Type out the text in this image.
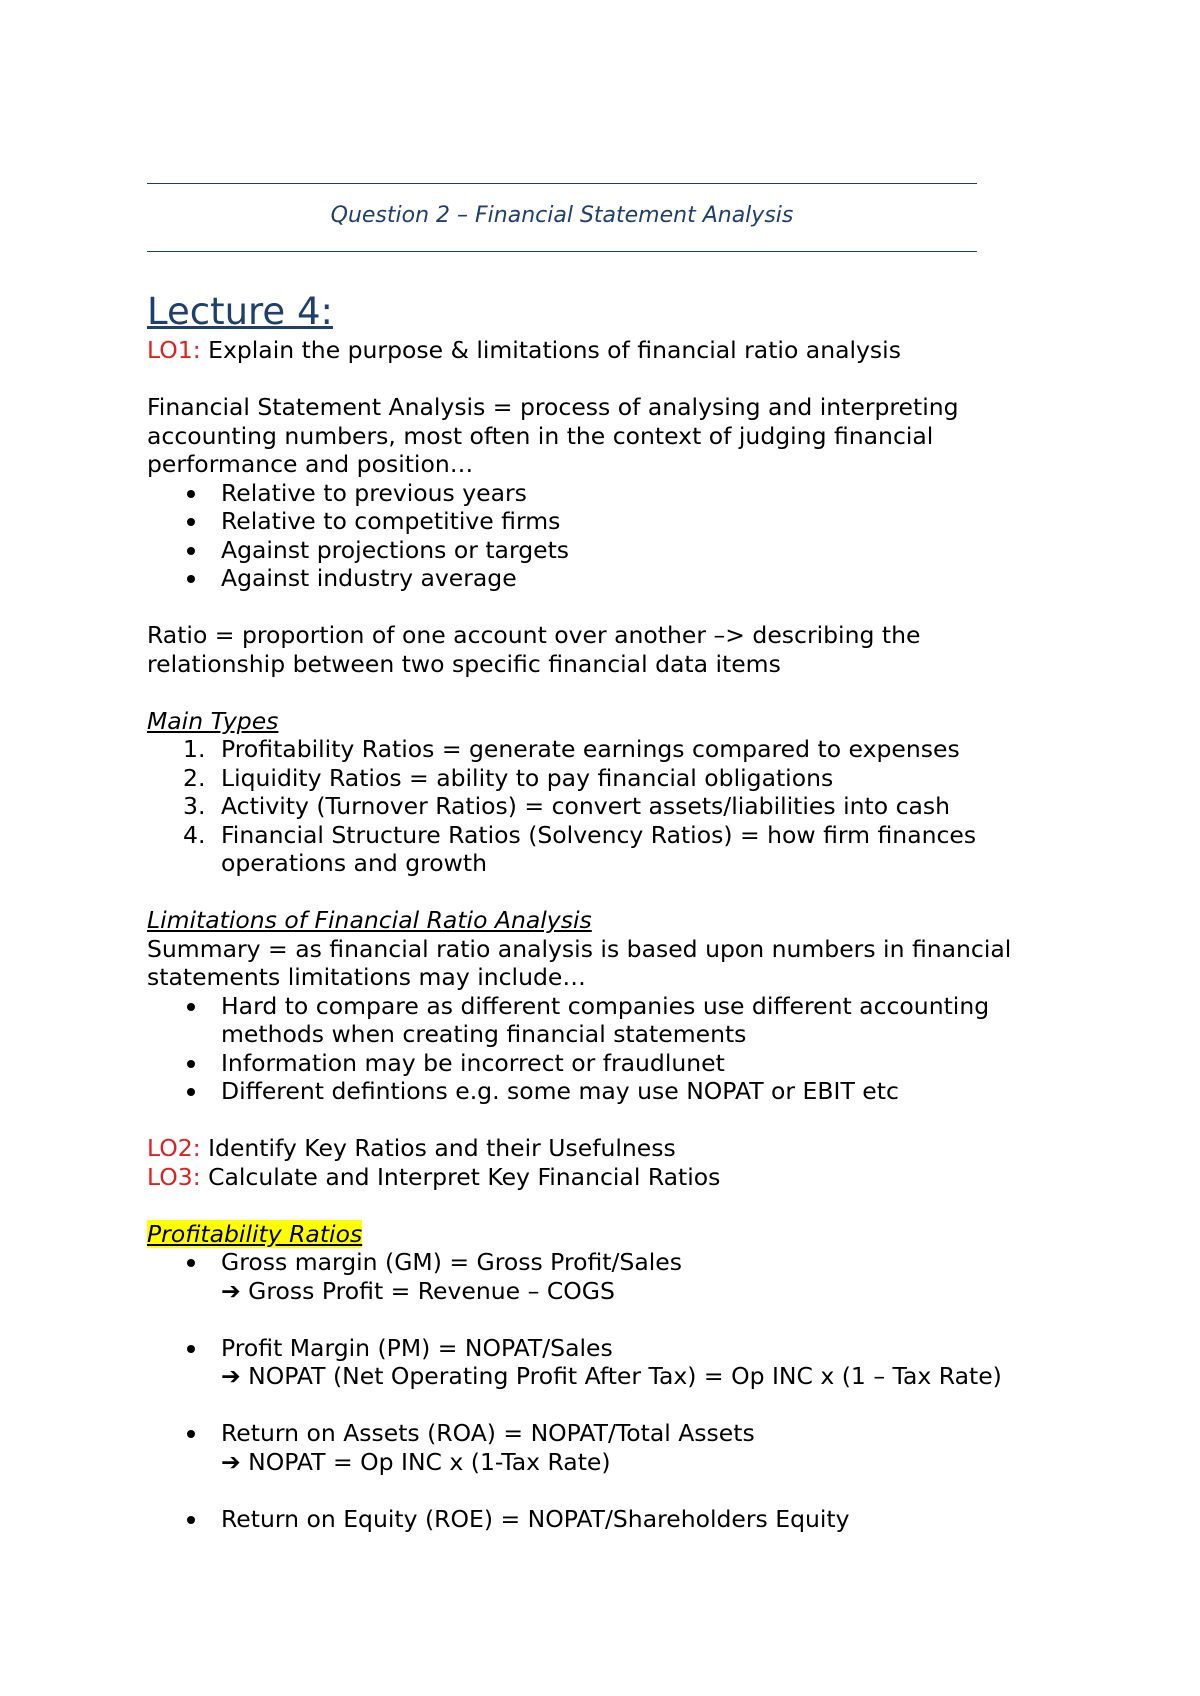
Question 2 – Financial Statement Analysis

Lecture 4:

LO1: Explain the purpose & limitations of financial ratio analysis

Financial Statement Analysis = process of analysing and interpreting accounting numbers, most often in the context of judging financial performance and position…

Relative to previous years
Relative to competitive firms
Against projections or targets
Against industry average

Ratio = proportion of one account over another –> describing the relationship between two specific financial data items

Main Types

1. Profitability Ratios = generate earnings compared to expenses
2. Liquidity Ratios = ability to pay financial obligations
3. Activity (Turnover Ratios) = convert assets/liabilities into cash
4. Financial Structure Ratios (Solvency Ratios) = how firm finances operations and growth

Limitations of Financial Ratio Analysis

Summary = as financial ratio analysis is based upon numbers in financial statements limitations may include…

Hard to compare as different companies use different accounting methods when creating financial statements
Information may be incorrect or fraudlunet
Different defintions e.g. some may use NOPAT or EBIT etc

LO2: Identify Key Ratios and their Usefulness

LO3: Calculate and Interpret Key Financial Ratios

Profitability Ratios

Gross margin (GM) = Gross Profit/Sales
➔ Gross Profit = Revenue – COGS
Profit Margin (PM) = NOPAT/Sales
➔ NOPAT (Net Operating Profit After Tax) = Op INC x (1 – Tax Rate)
Return on Assets (ROA) = NOPAT/Total Assets
➔ NOPAT = Op INC x (1-Tax Rate)
Return on Equity (ROE) = NOPAT/Shareholders Equity
